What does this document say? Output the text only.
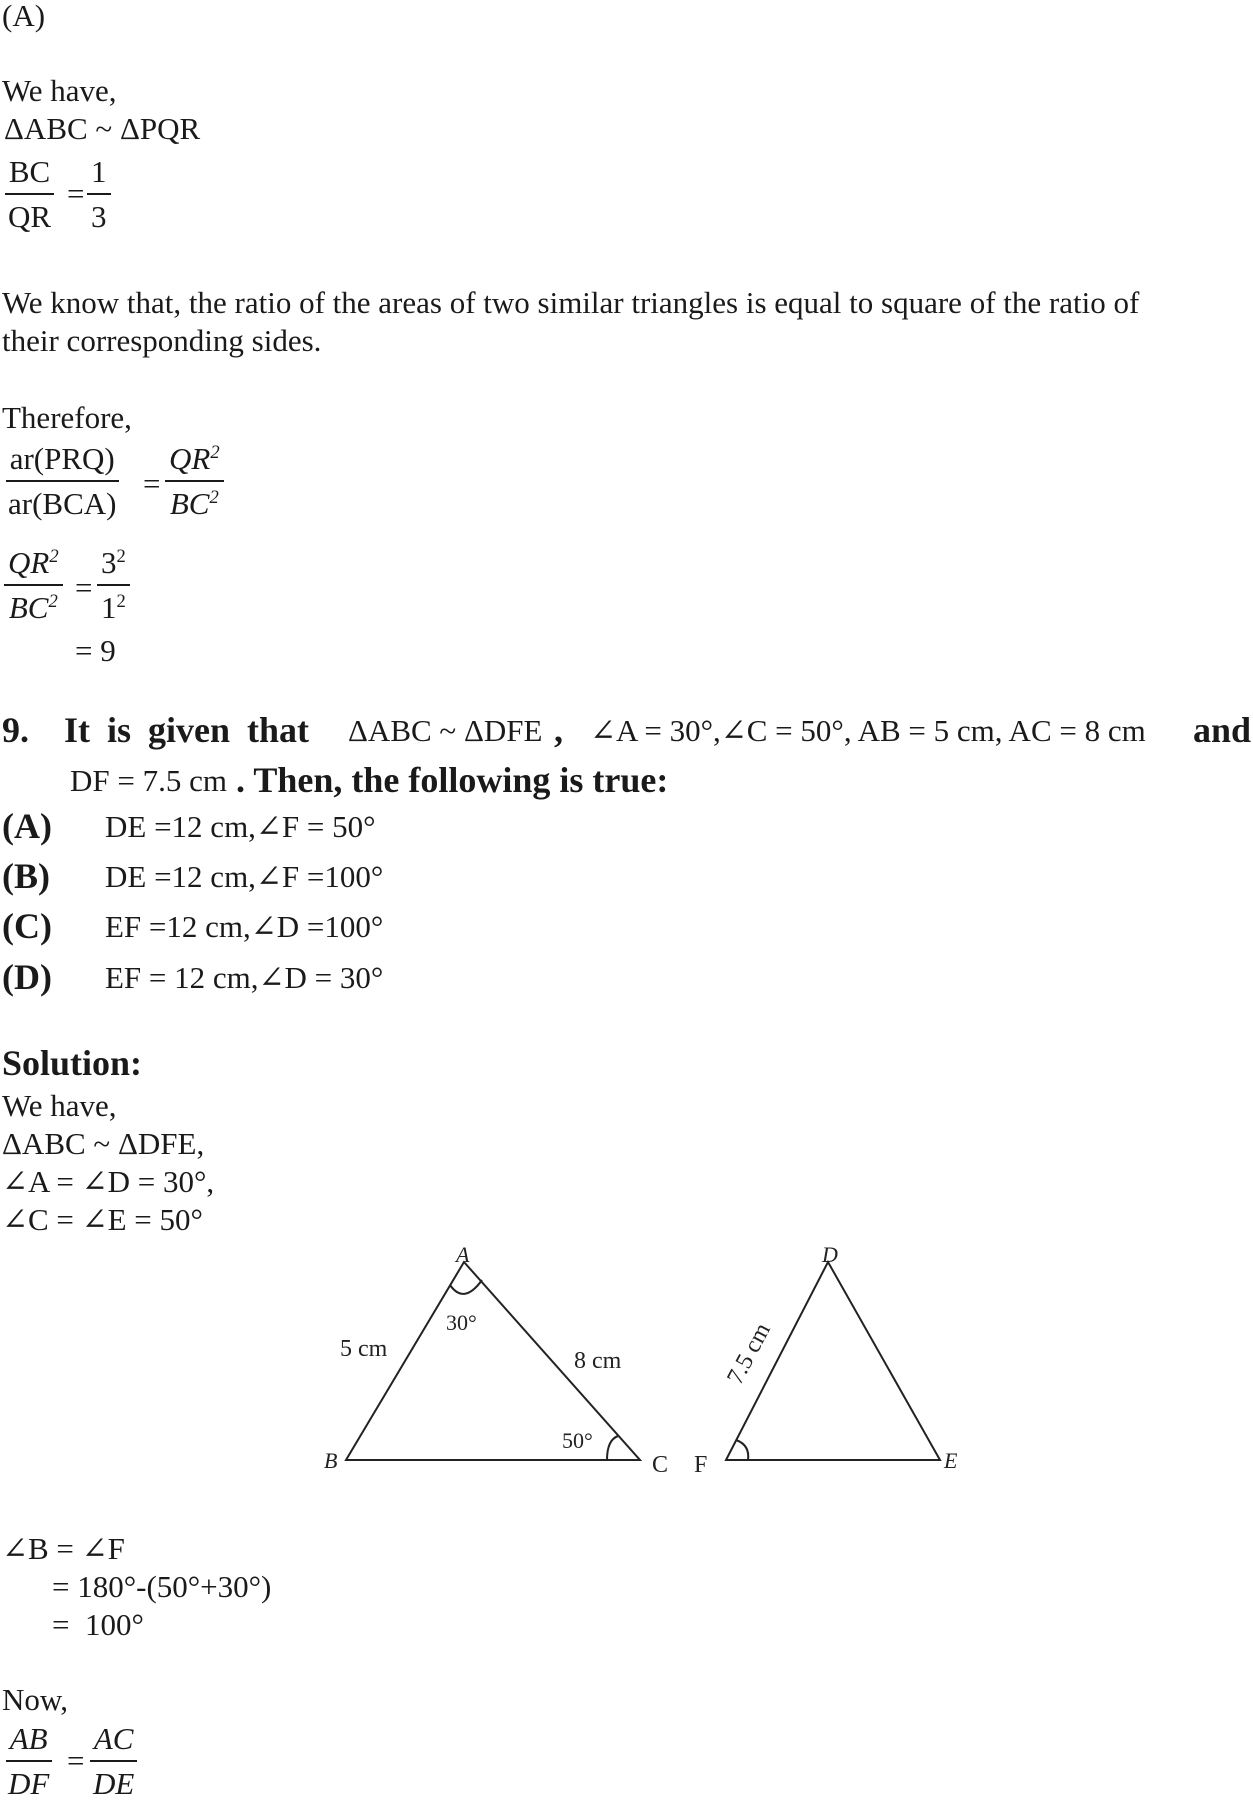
(A)
We have,
ΔABC ~ ΔPQR
$\frac{BC}{QR} = \frac{1}{3}$
We know that, the ratio of the areas of two similar triangles is equal to square of the ratio of
their corresponding sides.
Therefore,
ar(PRQ)
ar(BCA)
= $\frac{QR^2}{BC^2}$
$\frac{QR^2}{BC^2} = \frac{3^2}{1^2}$
= 9
9. It is given that ΔABC ~ ΔDFE , ∠A = 30°,∠C = 50°, AB = 5 cm, AC = 8 cm and
DF = 7.5 cm . Then, the following is true:
(A) DE =12 cm,∠F = 50°
(B) DE =12 cm,∠F =100°
(C) EF =12 cm,∠D =100°
(D) EF = 12 cm,∠D = 30°
Solution:
We have,
ΔABC ~ ΔDFE,
∠A = ∠D = 30°,
∠C = ∠E = 50°
A
B	C
D
E
F
5 cm	8 cm
30°
50°
7.5 cm
∠B = ∠F
= 180°-(50°+30°)
=  100°
Now,
$\frac{AB}{DF} = \frac{AC}{DE}$
